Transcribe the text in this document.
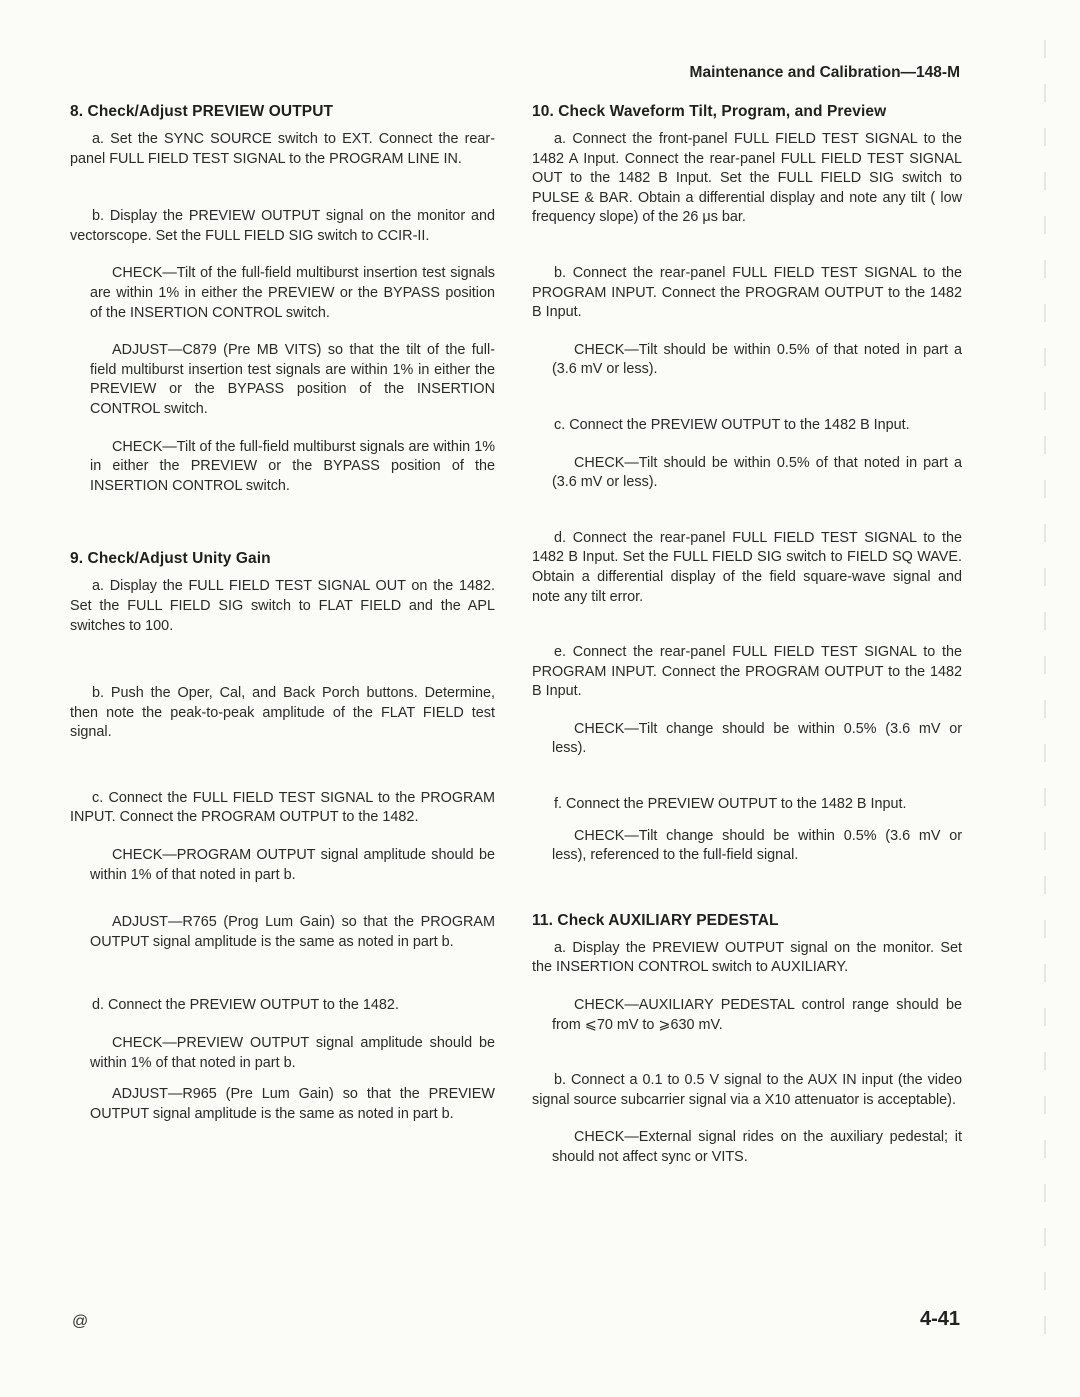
Maintenance and Calibration—148-M
8. Check/Adjust PREVIEW OUTPUT

a. Set the SYNC SOURCE switch to EXT. Connect the rear-panel FULL FIELD TEST SIGNAL to the PROGRAM LINE IN.

b. Display the PREVIEW OUTPUT signal on the monitor and vectorscope. Set the FULL FIELD SIG switch to CCIR-II.

CHECK—Tilt of the full-field multiburst insertion test signals are within 1% in either the PREVIEW or the BYPASS position of the INSERTION CONTROL switch.

ADJUST—C879 (Pre MB VITS) so that the tilt of the full-field multiburst insertion test signals are within 1% in either the PREVIEW or the BYPASS position of the INSERTION CONTROL switch.

CHECK—Tilt of the full-field multiburst signals are within 1% in either the PREVIEW or the BYPASS position of the INSERTION CONTROL switch.

9. Check/Adjust Unity Gain

a. Display the FULL FIELD TEST SIGNAL OUT on the 1482. Set the FULL FIELD SIG switch to FLAT FIELD and the APL switches to 100.

b. Push the Oper, Cal, and Back Porch buttons. Determine, then note the peak-to-peak amplitude of the FLAT FIELD test signal.

c. Connect the FULL FIELD TEST SIGNAL to the PROGRAM INPUT. Connect the PROGRAM OUTPUT to the 1482.

CHECK—PROGRAM OUTPUT signal amplitude should be within 1% of that noted in part b.

ADJUST—R765 (Prog Lum Gain) so that the PROGRAM OUTPUT signal amplitude is the same as noted in part b.

d. Connect the PREVIEW OUTPUT to the 1482.

CHECK—PREVIEW OUTPUT signal amplitude should be within 1% of that noted in part b.

ADJUST—R965 (Pre Lum Gain) so that the PREVIEW OUTPUT signal amplitude is the same as noted in part b.

10. Check Waveform Tilt, Program, and Preview

a. Connect the front-panel FULL FIELD TEST SIGNAL to the 1482 A Input. Connect the rear-panel FULL FIELD TEST SIGNAL OUT to the 1482 B Input. Set the FULL FIELD SIG switch to PULSE & BAR. Obtain a differential display and note any tilt ( low frequency slope) of the 26 μs bar.

b. Connect the rear-panel FULL FIELD TEST SIGNAL to the PROGRAM INPUT. Connect the PROGRAM OUTPUT to the 1482 B Input.

CHECK—Tilt should be within 0.5% of that noted in part a (3.6 mV or less).

c. Connect the PREVIEW OUTPUT to the 1482 B Input.

CHECK—Tilt should be within 0.5% of that noted in part a (3.6 mV or less).

d. Connect the rear-panel FULL FIELD TEST SIGNAL to the 1482 B Input. Set the FULL FIELD SIG switch to FIELD SQ WAVE. Obtain a differential display of the field square-wave signal and note any tilt error.

e. Connect the rear-panel FULL FIELD TEST SIGNAL to the PROGRAM INPUT. Connect the PROGRAM OUTPUT to the 1482 B Input.

CHECK—Tilt change should be within 0.5% (3.6 mV or less).

f. Connect the PREVIEW OUTPUT to the 1482 B Input.

CHECK—Tilt change should be within 0.5% (3.6 mV or less), referenced to the full-field signal.

11. Check AUXILIARY PEDESTAL

a. Display the PREVIEW OUTPUT signal on the monitor. Set the INSERTION CONTROL switch to AUXILIARY.

CHECK—AUXILIARY PEDESTAL control range should be from ⩽70 mV to ⩾630 mV.

b. Connect a 0.1 to 0.5 V signal to the AUX IN input (the video signal source subcarrier signal via a X10 attenuator is acceptable).

CHECK—External signal rides on the auxiliary pedestal; it should not affect sync or VITS.

@	4-41
